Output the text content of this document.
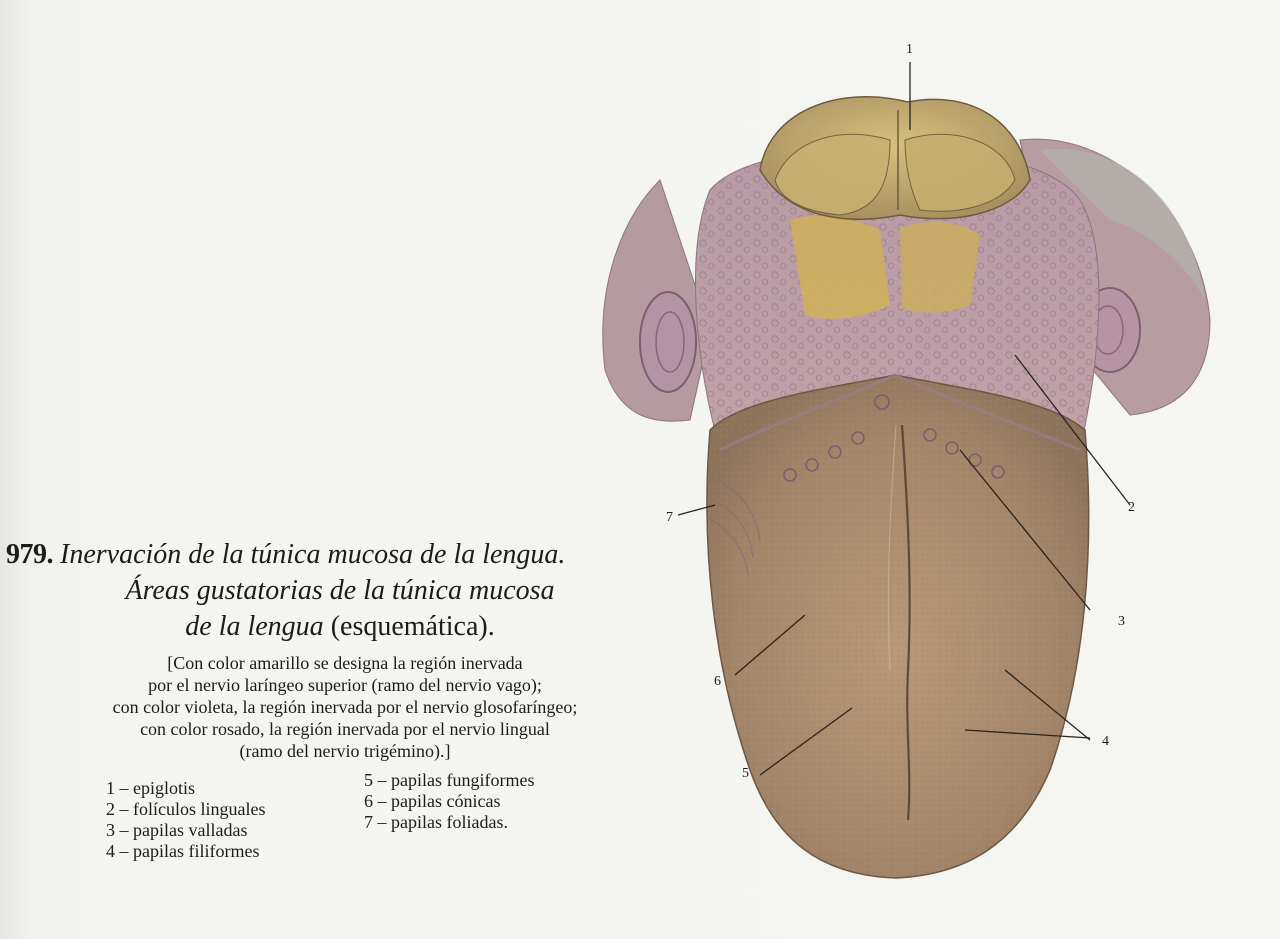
979. Inervación de la túnica mucosa de la lengua.
Áreas gustatorias de la túnica mucosa
de la lengua (esquemática).
[Con color amarillo se designa la región inervada
por el nervio laríngeo superior (ramo del nervio vago);
con color violeta, la región inervada por el nervio glosofaríngeo;
con color rosado, la región inervada por el nervio lingual
(ramo del nervio trigémino).]
1 – epiglotis
2 – folículos linguales
3 – papilas valladas
4 – papilas filiformes
5 – papilas fungiformes
6 – papilas cónicas
7 – papilas foliadas.
1
2
3
4
5
6
7
